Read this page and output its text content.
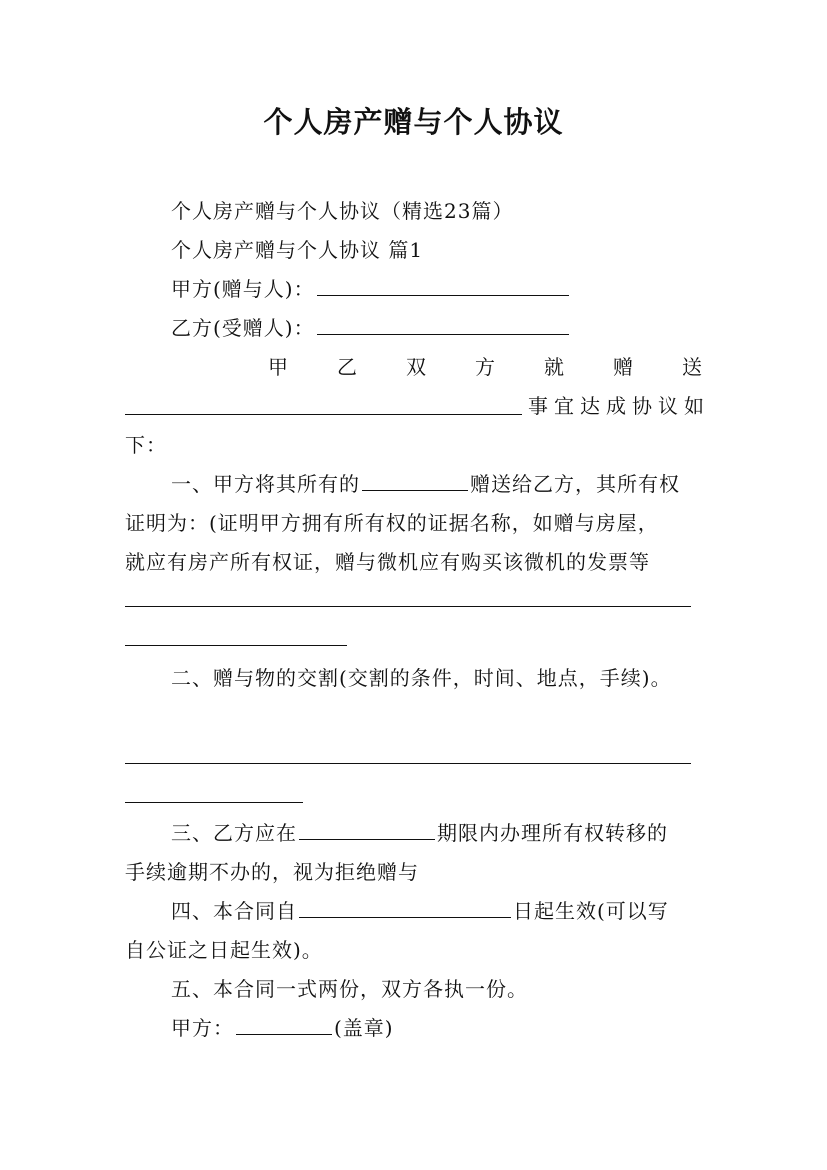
个人房产赠与个人协议
个人房产赠与个人协议（精选23篇）
个人房产赠与个人协议 篇1
甲方(赠与人)：
乙方(受赠人)：
甲 乙 双 方 就 赠 送
事宜达成协议如
下：
一、甲方将其所有的	赠送给乙方，其所有权
证明为：(证明甲方拥有所有权的证据名称，如赠与房屋，
就应有房产所有权证，赠与微机应有购买该微机的发票等
二、赠与物的交割(交割的条件，时间、地点，手续)。
三、乙方应在	期限内办理所有权转移的
手续逾期不办的，视为拒绝赠与
四、本合同自	日起生效(可以写
自公证之日起生效)。
五、本合同一式两份，双方各执一份。
甲方：	(盖章)
